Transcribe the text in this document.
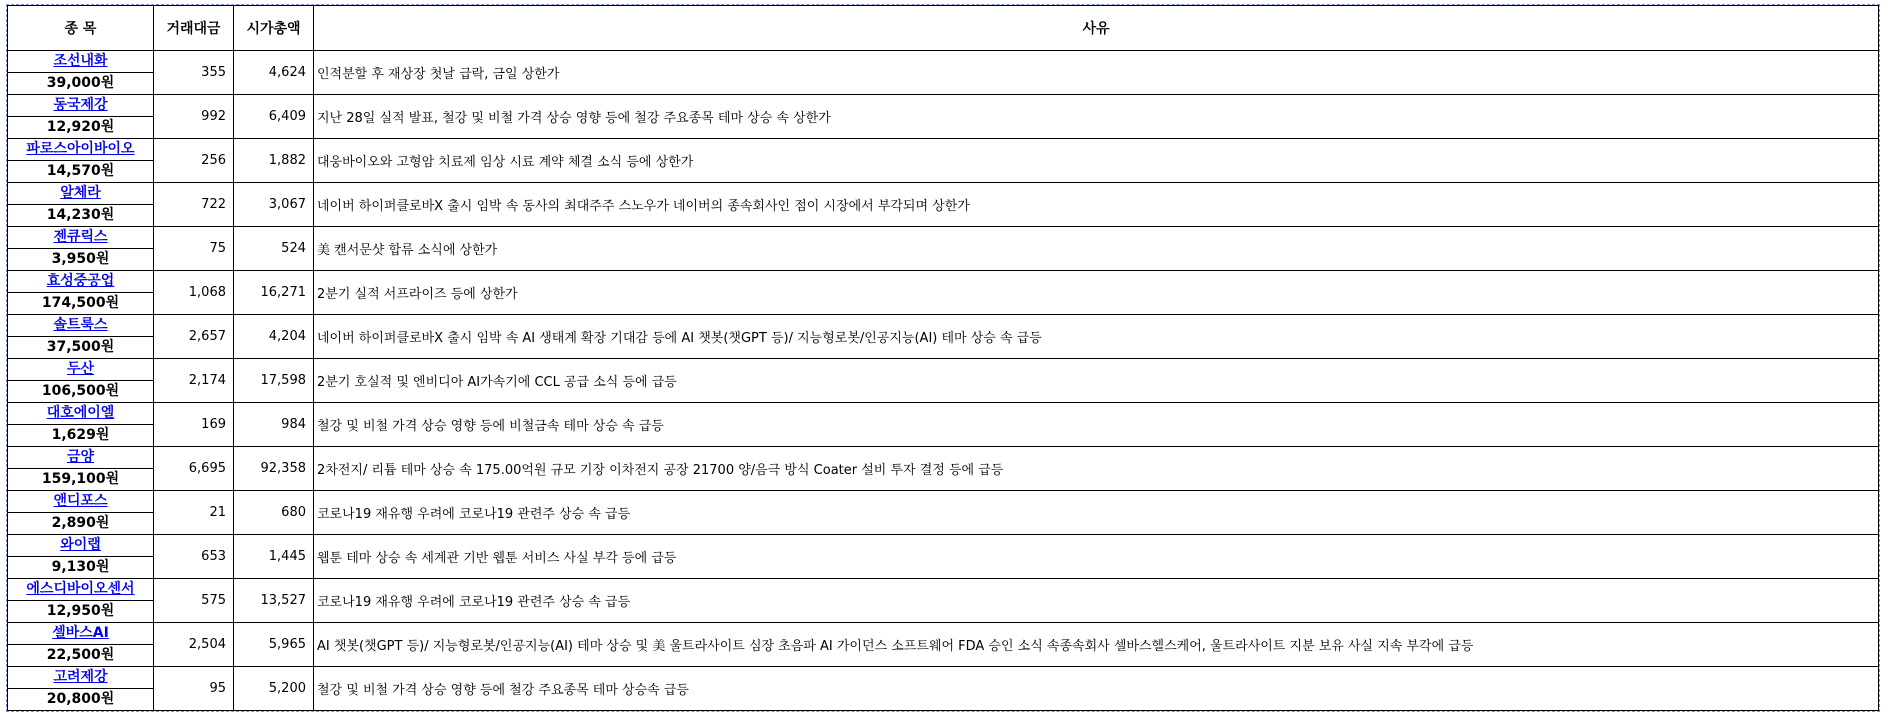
종 목	거래대금	시가총액	사유

조선내화
39,000원	355	4,624	인적분할 후 재상장 첫날 급락, 금일 상한가

동국제강
12,920원	992	6,409	지난 28일 실적 발표, 철강 및 비철 가격 상승 영향 등에 철강 주요종목 테마 상승 속 상한가

파로스아이바이오
14,570원	256	1,882	대웅바이오와 고형암 치료제 임상 시료 계약 체결 소식 등에 상한가

알체라
14,230원	722	3,067	네이버 하이퍼클로바X 출시 임박 속 동사의 최대주주 스노우가 네이버의 종속회사인 점이 시장에서 부각되며 상한가

젠큐릭스
3,950원	75	524	美 캔서문샷 합류 소식에 상한가

효성중공업
174,500원	1,068	16,271	2분기 실적 서프라이즈 등에 상한가

솔트룩스
37,500원	2,657	4,204	네이버 하이퍼클로바X 출시 임박 속 AI 생태계 확장 기대감 등에 AI 챗봇(챗GPT 등)/ 지능형로봇/인공지능(AI) 테마 상승 속 급등

두산
106,500원	2,174	17,598	2분기 호실적 및 엔비디아 AI가속기에 CCL 공급 소식 등에 급등

대호에이엘
1,629원	169	984	철강 및 비철 가격 상승 영향 등에 비철금속 테마 상승 속 급등

금양
159,100원	6,695	92,358	2차전지/ 리튬 테마 상승 속 175.00억원 규모 기장 이차전지 공장 21700 양/음극 방식 Coater 설비 투자 결정 등에 급등

앤디포스
2,890원	21	680	코로나19 재유행 우려에 코로나19 관련주 상승 속 급등

와이랩
9,130원	653	1,445	웹툰 테마 상승 속 세계관 기반 웹툰 서비스 사실 부각 등에 급등

에스디바이오센서
12,950원	575	13,527	코로나19 재유행 우려에 코로나19 관련주 상승 속 급등

셀바스AI
22,500원	2,504	5,965	AI 챗봇(챗GPT 등)/ 지능형로봇/인공지능(AI) 테마 상승 및 美 울트라사이트 심장 초음파 AI 가이던스 소프트웨어 FDA 승인 소식 속종속회사 셀바스헬스케어, 울트라사이트 지분 보유 사실 지속 부각에 급등

고려제강
20,800원	95	5,200	철강 및 비철 가격 상승 영향 등에 철강 주요종목 테마 상승속 급등
